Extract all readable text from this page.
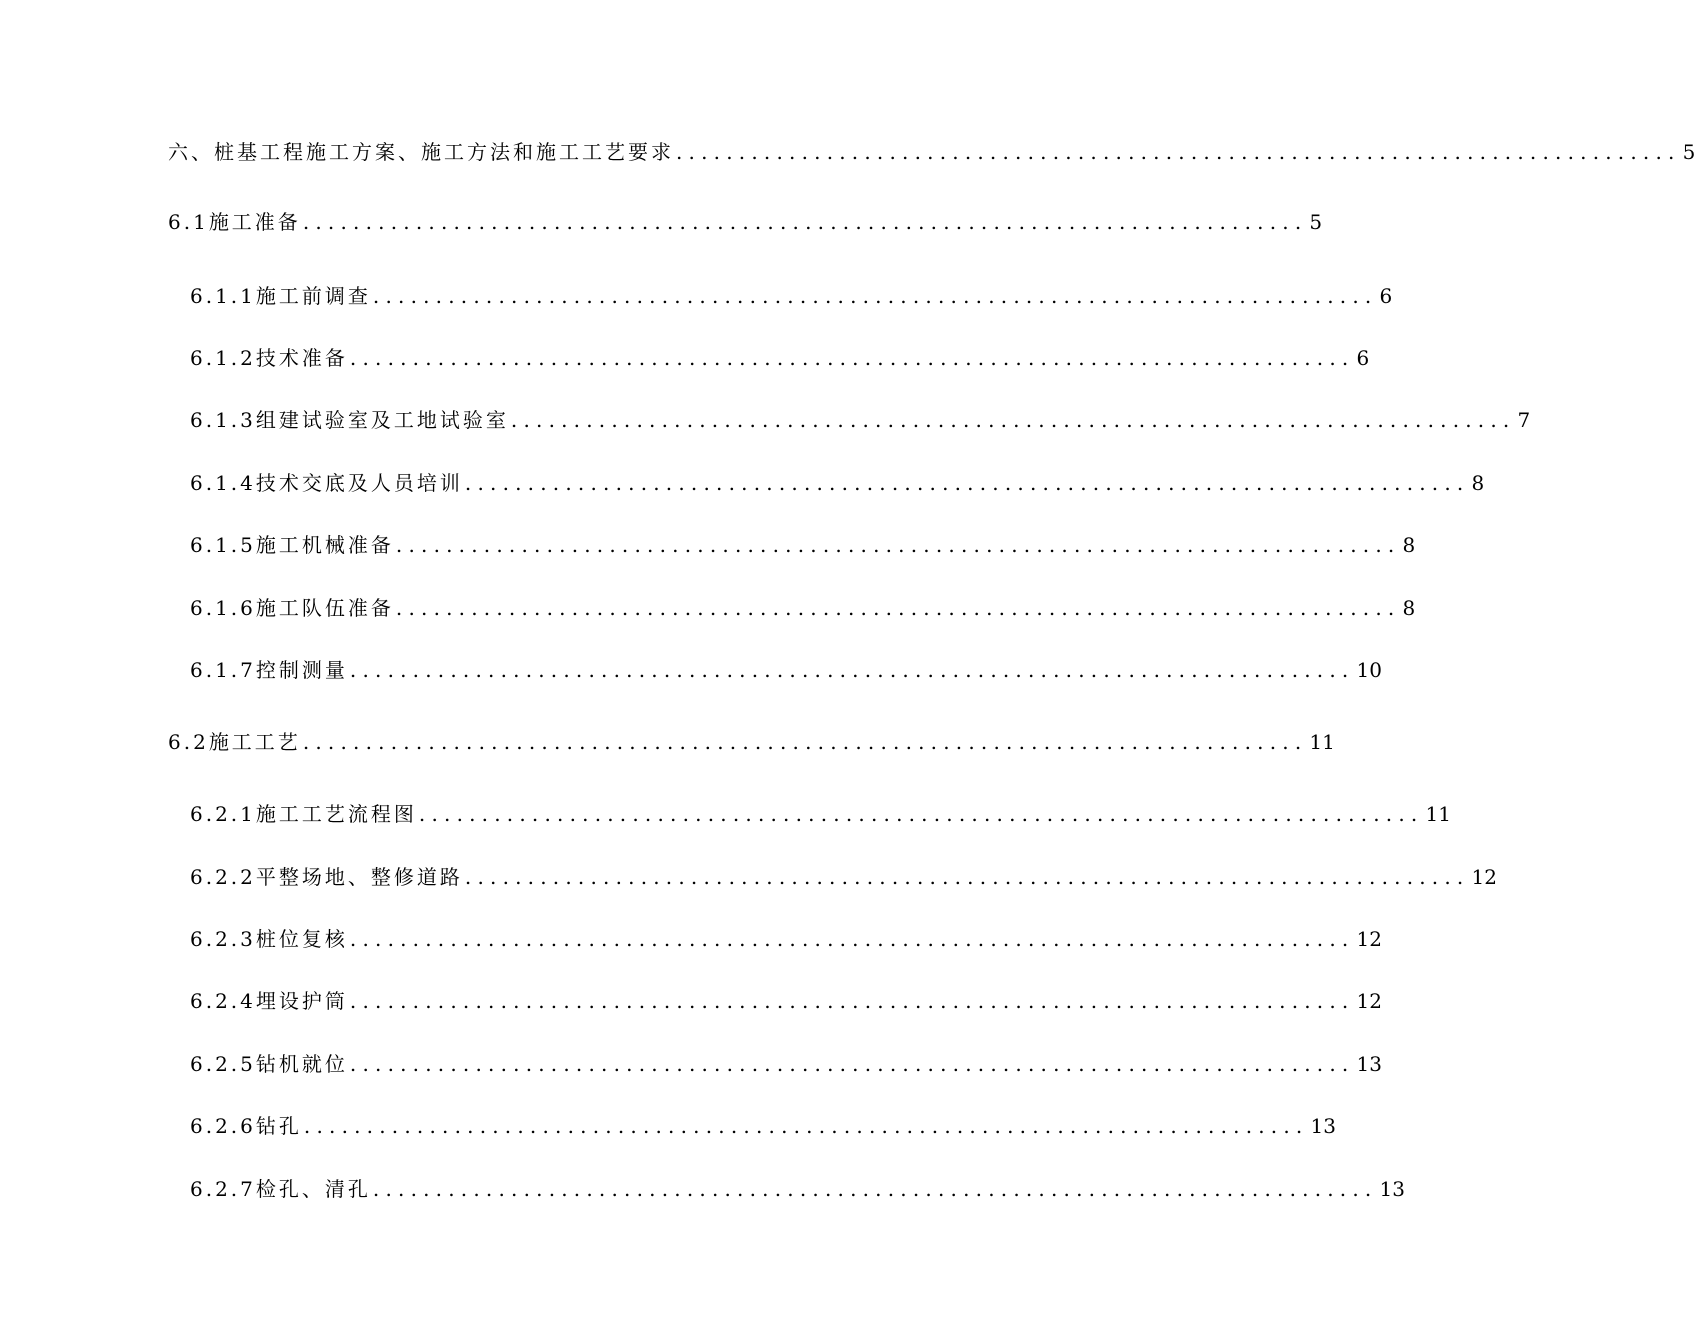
六、桩基工程施工方案、施工方法和施工工艺要求 ................................................................................ 5
6.1 施工准备 ................................................................................ 5
6.1.1 施工前调查 ................................................................................ 6
6.1.2 技术准备 ................................................................................ 6
6.1.3 组建试验室及工地试验室 ................................................................................ 7
6.1.4 技术交底及人员培训 ................................................................................ 8
6.1.5 施工机械准备 ................................................................................ 8
6.1.6 施工队伍准备 ................................................................................ 8
6.1.7 控制测量 ................................................................................ 10
6.2 施工工艺 ................................................................................ 11
6.2.1 施工工艺流程图 ................................................................................ 11
6.2.2 平整场地、整修道路 ................................................................................ 12
6.2.3 桩位复核 ................................................................................ 12
6.2.4 埋设护筒 ................................................................................ 12
6.2.5 钻机就位 ................................................................................ 13
6.2.6 钻孔 ................................................................................ 13
6.2.7 检孔、清孔 ................................................................................ 13
